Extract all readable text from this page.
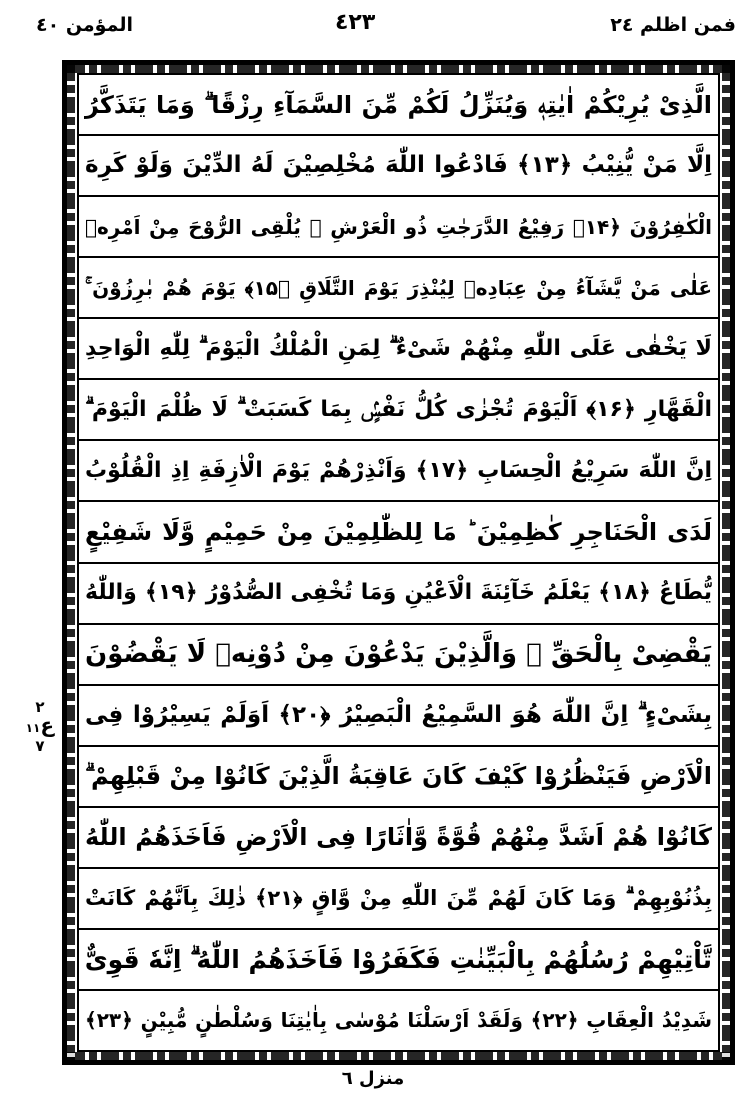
المؤمن ٤٠	٤٢٣	فمن اظلم ٢٤
۲
ع۱۱
۷
الَّذِىْ يُرِيْكُمْ اٰيٰتِهٖ وَيُنَزِّلُ لَكُمْ مِّنَ السَّمَآءِ رِزْقًا ۗ وَمَا يَتَذَكَّرُ
اِلَّا مَنْ يُّنِيْبُ ﴿۱۳﴾ فَادْعُوا اللّٰهَ مُخْلِصِيْنَ لَهُ الدِّيْنَ وَلَوْ كَرِهَ
الْكٰفِرُوْنَ ﴿۱۴﴾ رَفِيْعُ الدَّرَجٰتِ ذُو الْعَرْشِ ۚ يُلْقِى الرُّوْحَ مِنْ اَمْرِهٖ
عَلٰى مَنْ يَّشَآءُ مِنْ عِبَادِهٖ لِيُنْذِرَ يَوْمَ التَّلَاقِ ﴿۱۵﴾ يَوْمَ هُمْ بٰرِزُوْنَ ۚ
لَا يَخْفٰى عَلَى اللّٰهِ مِنْهُمْ شَىْءٌ ۗ لِمَنِ الْمُلْكُ الْيَوْمَ ۗ لِلّٰهِ الْوَاحِدِ
الْقَهَّارِ ﴿۱۶﴾ اَلْيَوْمَ تُجْزٰى كُلُّ نَفْسٍۢ بِمَا كَسَبَتْ ۗ لَا ظُلْمَ الْيَوْمَ ۗ
اِنَّ اللّٰهَ سَرِيْعُ الْحِسَابِ ﴿۱۷﴾ وَاَنْذِرْهُمْ يَوْمَ الْاٰزِفَةِ اِذِ الْقُلُوْبُ
لَدَى الْحَنَاجِرِ كٰظِمِيْنَ ؕ مَا لِلظّٰلِمِيْنَ مِنْ حَمِيْمٍ وَّلَا شَفِيْعٍ
يُّطَاعُ ﴿۱۸﴾ يَعْلَمُ خَآئِنَةَ الْاَعْيُنِ وَمَا تُخْفِى الصُّدُوْرُ ﴿۱۹﴾ وَاللّٰهُ
يَقْضِىْ بِالْحَقِّ ۗ وَالَّذِيْنَ يَدْعُوْنَ مِنْ دُوْنِهٖ لَا يَقْضُوْنَ
بِشَىْءٍ ۗ اِنَّ اللّٰهَ هُوَ السَّمِيْعُ الْبَصِيْرُ ﴿۲۰﴾ اَوَلَمْ يَسِيْرُوْا فِى
الْاَرْضِ فَيَنْظُرُوْا كَيْفَ كَانَ عَاقِبَةُ الَّذِيْنَ كَانُوْا مِنْ قَبْلِهِمْ ۗ
كَانُوْا هُمْ اَشَدَّ مِنْهُمْ قُوَّةً وَّاٰثَارًا فِى الْاَرْضِ فَاَخَذَهُمُ اللّٰهُ
بِذُنُوْبِهِمْ ۗ وَمَا كَانَ لَهُمْ مِّنَ اللّٰهِ مِنْ وَّاقٍ ﴿۲۱﴾ ذٰلِكَ بِاَنَّهُمْ كَانَتْ
تَّاْتِيْهِمْ رُسُلُهُمْ بِالْبَيِّنٰتِ فَكَفَرُوْا فَاَخَذَهُمُ اللّٰهُ ۗ اِنَّهٗ قَوِىٌّ
شَدِيْدُ الْعِقَابِ ﴿۲۲﴾ وَلَقَدْ اَرْسَلْنَا مُوْسٰى بِاٰيٰتِنَا وَسُلْطٰنٍ مُّبِيْنٍ ﴿۲۳﴾
منزل ٦
